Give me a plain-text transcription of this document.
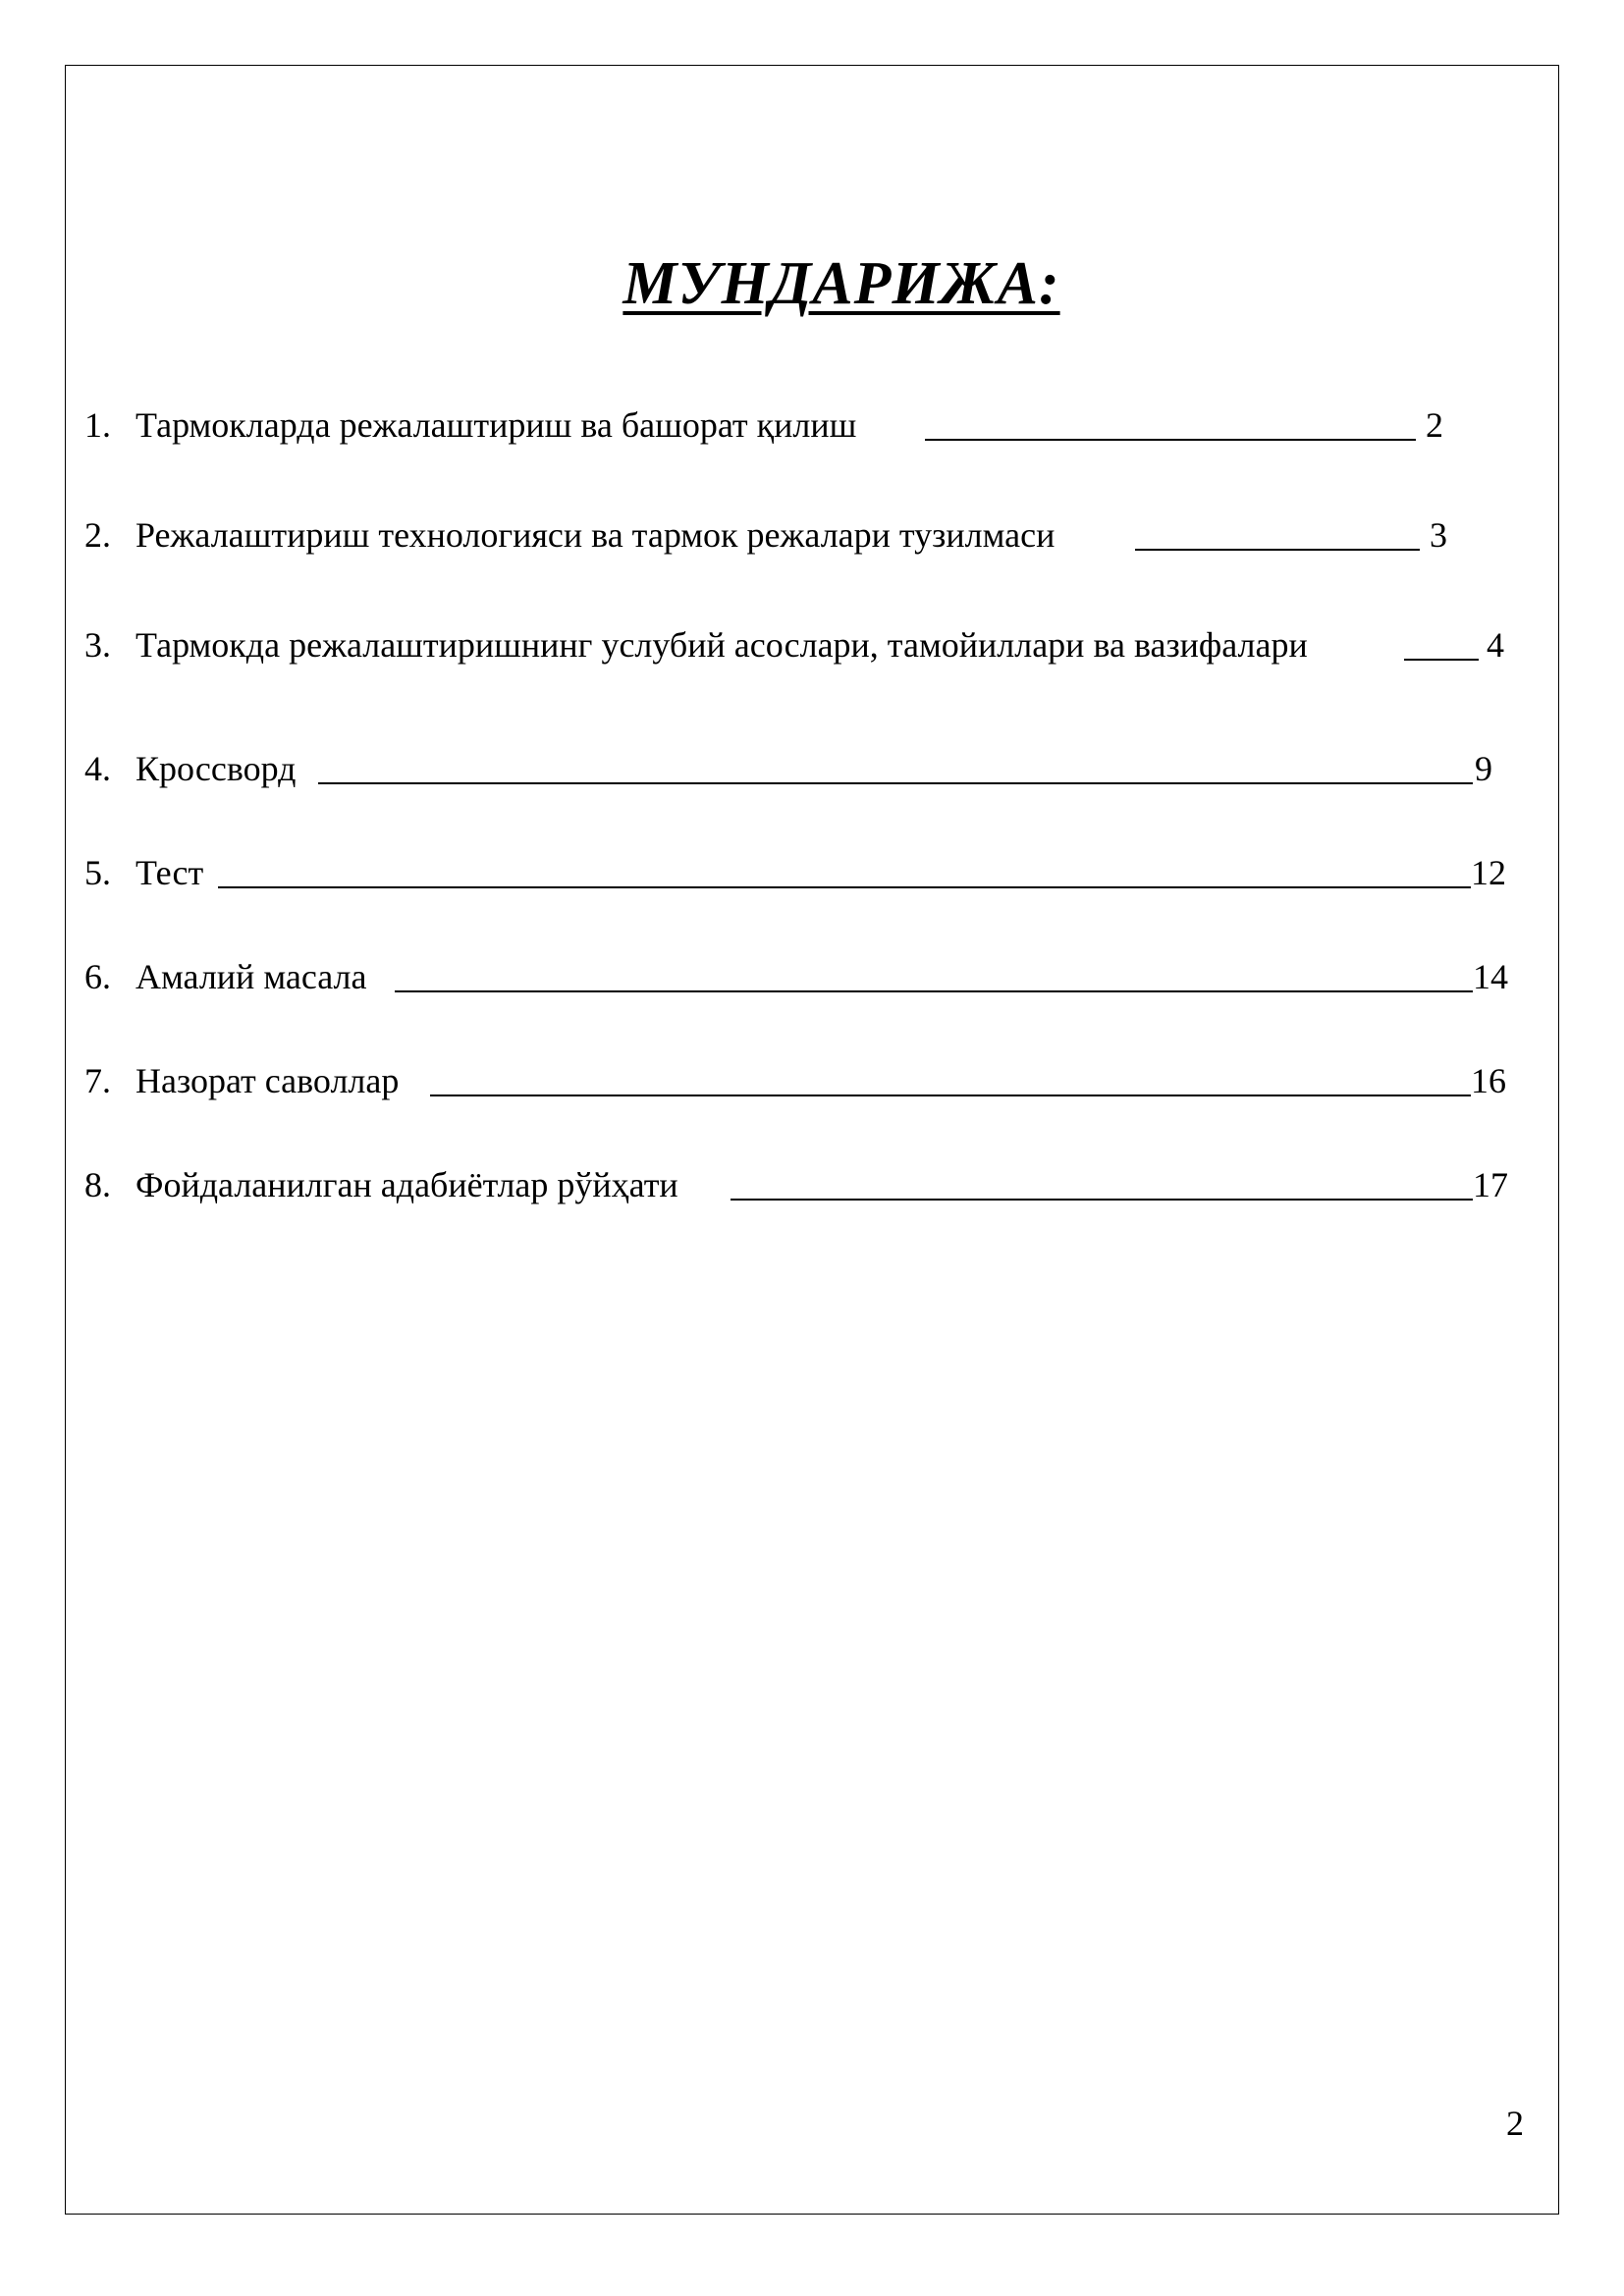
МУНДАРИЖА:
1. Тармокларда режалаштириш ва башорат қилиш	2
2. Режалаштириш технологияси ва тармок режалари тузилмаси	3
3. Тармокда режалаштиришнинг услубий асослари, тамойиллари ва вазифалари	4
4. Кроссворд	9
5. Тест	12
6. Амалий масала	14
7. Назорат саволлар	16
8. Фойдаланилган адабиётлар рўйҳати	17
2
